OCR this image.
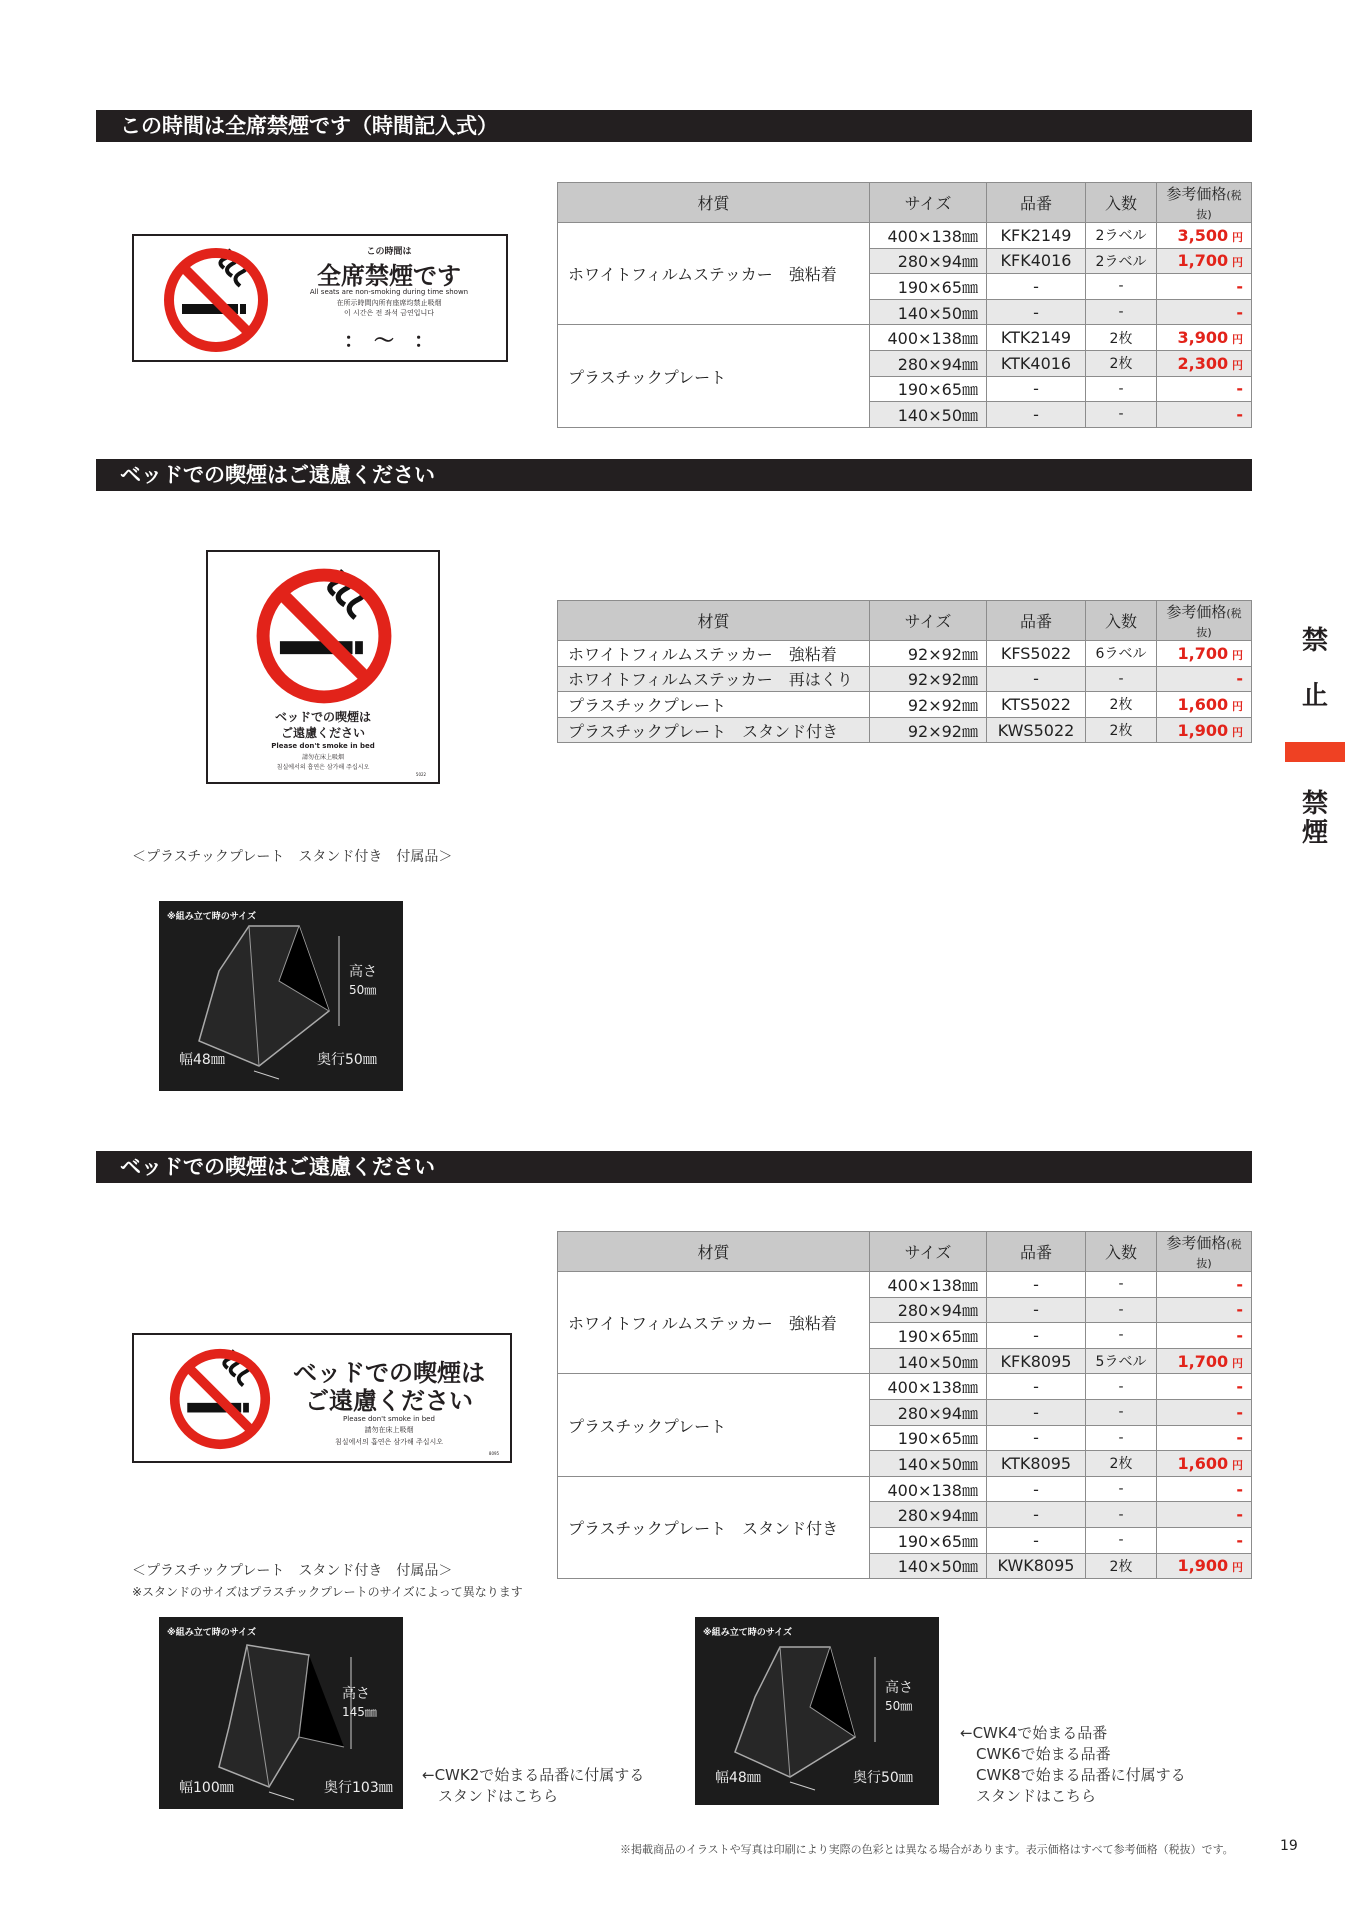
この時間は全席禁煙です（時間記入式）
この時間は
全席禁煙です
All seats are non-smoking during time shown
在所示時間內所有座席均禁止吸烟
이 시간은 전 좌석 금연입니다
：　～　：
材質	サイズ	品番	入数	参考価格(税抜)
ホワイトフィルムステッカー　強粘着	400×138㎜	KFK2149	2ラベル	3,500 円
	280×94㎜	KFK4016	2ラベル	1,700 円
	190×65㎜	-	-	-
	140×50㎜	-	-	-
プラスチックプレート	400×138㎜	KTK2149	2枚	3,900 円
	280×94㎜	KTK4016	2枚	2,300 円
	190×65㎜	-	-	-
	140×50㎜	-	-	-
ベッドでの喫煙はご遠慮ください
ベッドでの喫煙は
ご遠慮ください
Please don't smoke in bed
請勿在床上吸烟
침실에서의 흡연은 삼가해 주십시오
5022
材質	サイズ	品番	入数	参考価格(税抜)
ホワイトフィルムステッカー　強粘着	92×92㎜	KFS5022	6ラベル	1,700 円
ホワイトフィルムステッカー　再はくり	92×92㎜	-	-	-
プラスチックプレート	92×92㎜	KTS5022	2枚	1,600 円
プラスチックプレート　スタンド付き	92×92㎜	KWS5022	2枚	1,900 円
＜プラスチックプレート　スタンド付き　付属品＞
※組み立て時のサイズ
高さ
50㎜
幅48㎜	奥行50㎜
禁
止
禁
煙
ベッドでの喫煙はご遠慮ください
ベッドでの喫煙は
ご遠慮ください
Please don't smoke in bed
請勿在床上吸烟
침실에서의 흡연은 삼가해 주십시오
8095
材質	サイズ	品番	入数	参考価格(税抜)
ホワイトフィルムステッカー　強粘着	400×138㎜	-	-	-
	280×94㎜	-	-	-
	190×65㎜	-	-	-
	140×50㎜	KFK8095	5ラベル	1,700 円
プラスチックプレート	400×138㎜	-	-	-
	280×94㎜	-	-	-
	190×65㎜	-	-	-
	140×50㎜	KTK8095	2枚	1,600 円
プラスチックプレート　スタンド付き	400×138㎜	-	-	-
	280×94㎜	-	-	-
	190×65㎜	-	-	-
	140×50㎜	KWK8095	2枚	1,900 円
＜プラスチックプレート　スタンド付き　付属品＞
※スタンドのサイズはプラスチックプレートのサイズによって異なります
※組み立て時のサイズ
高さ
145㎜
幅100㎜	奥行103㎜
←CWK2で始まる品番に付属する
スタンドはこちら
※組み立て時のサイズ
高さ
50㎜
幅48㎜	奥行50㎜
←CWK4で始まる品番
CWK6で始まる品番
CWK8で始まる品番に付属する
スタンドはこちら
※掲載商品のイラストや写真は印刷により実際の色彩とは異なる場合があります。表示価格はすべて参考価格（税抜）です。	19
